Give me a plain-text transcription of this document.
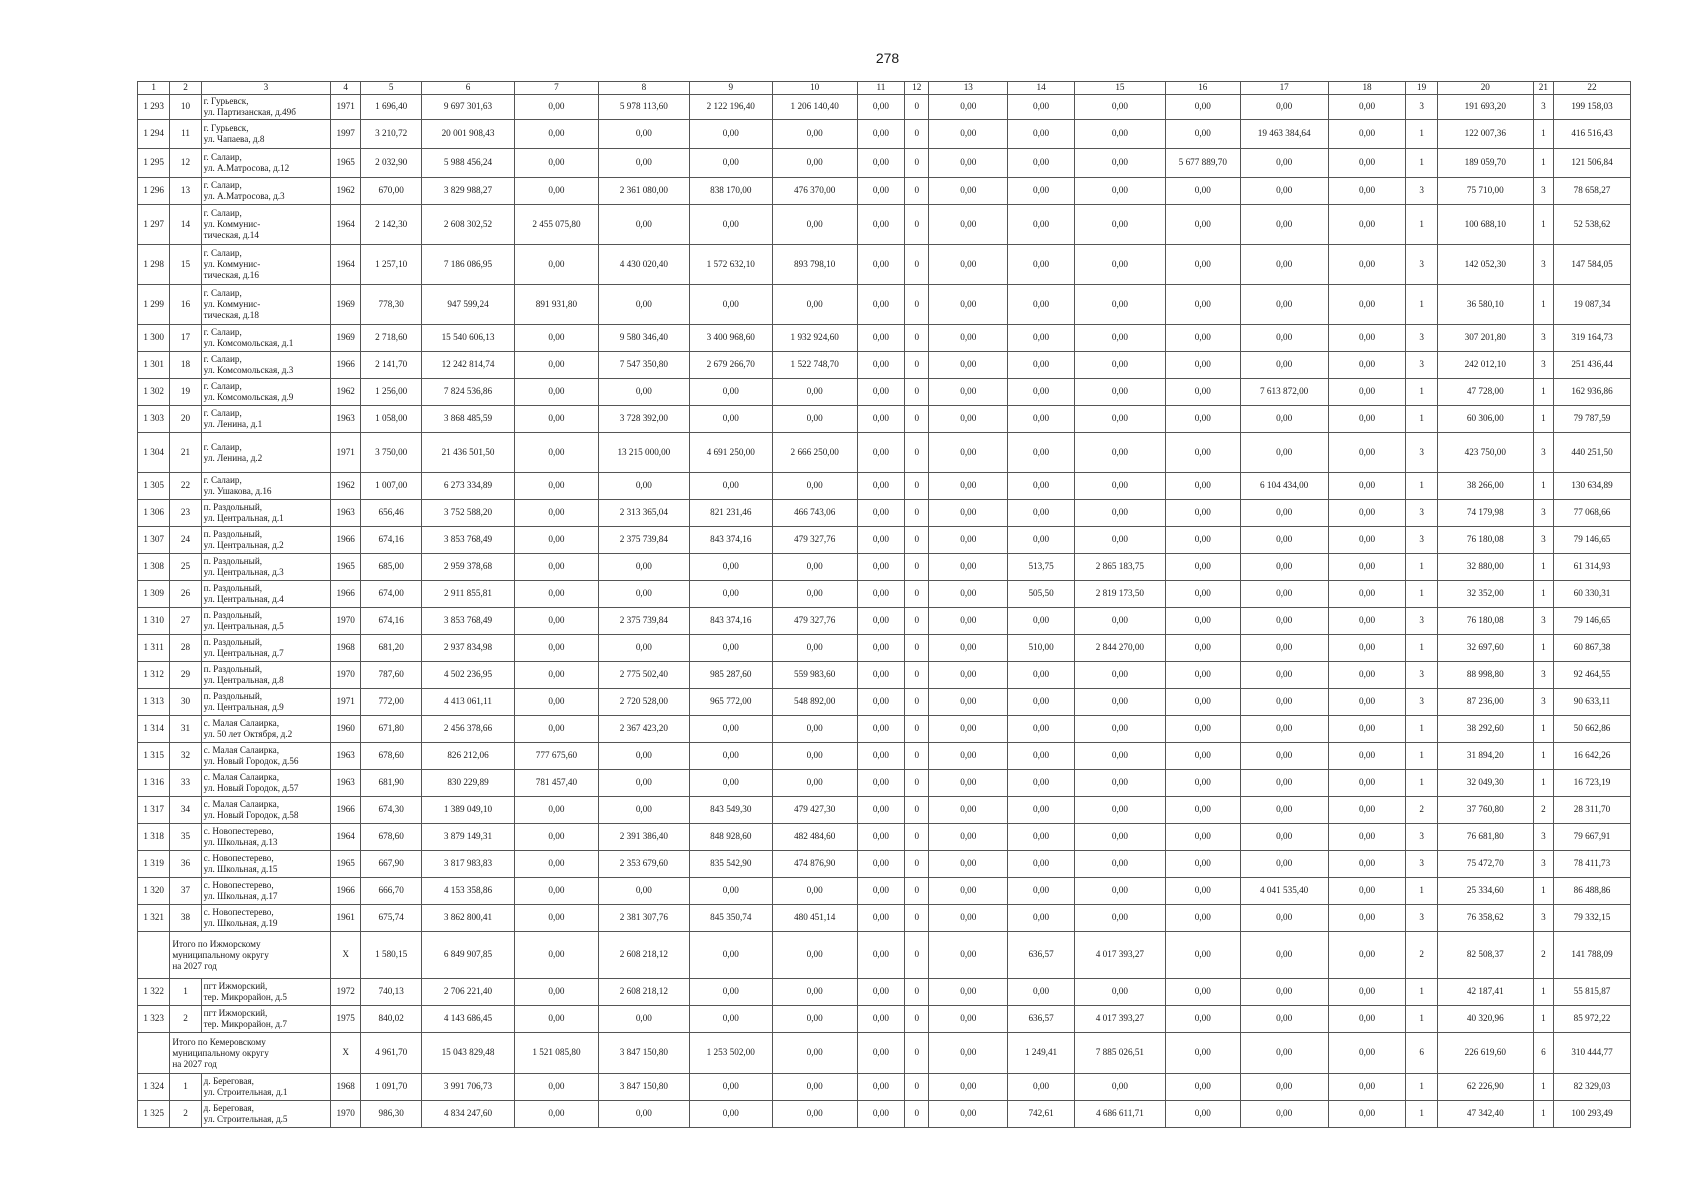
278
1	2	3	4	5	6	7	8	9	10	11	12	13	14	15	16	17	18	19	20	21	22
1 293	10	г. Гурьевск,
ул. Партизанская, д.49б	1971	1 696,40	9 697 301,63	0,00	5 978 113,60	2 122 196,40	1 206 140,40	0,00	0	0,00	0,00	0,00	0,00	0,00	0,00	3	191 693,20	3	199 158,03
1 294	11	г. Гурьевск,
ул. Чапаева, д.8	1997	3 210,72	20 001 908,43	0,00	0,00	0,00	0,00	0,00	0	0,00	0,00	0,00	0,00	19 463 384,64	0,00	1	122 007,36	1	416 516,43
1 295	12	г. Салаир,
ул. А.Матросова, д.12	1965	2 032,90	5 988 456,24	0,00	0,00	0,00	0,00	0,00	0	0,00	0,00	0,00	5 677 889,70	0,00	0,00	1	189 059,70	1	121 506,84
1 296	13	г. Салаир,
ул. А.Матросова, д.3	1962	670,00	3 829 988,27	0,00	2 361 080,00	838 170,00	476 370,00	0,00	0	0,00	0,00	0,00	0,00	0,00	0,00	3	75 710,00	3	78 658,27
1 297	14	г. Салаир,
ул. Коммунис-
тическая, д.14	1964	2 142,30	2 608 302,52	2 455 075,80	0,00	0,00	0,00	0,00	0	0,00	0,00	0,00	0,00	0,00	0,00	1	100 688,10	1	52 538,62
1 298	15	г. Салаир,
ул. Коммунис-
тическая, д.16	1964	1 257,10	7 186 086,95	0,00	4 430 020,40	1 572 632,10	893 798,10	0,00	0	0,00	0,00	0,00	0,00	0,00	0,00	3	142 052,30	3	147 584,05
1 299	16	г. Салаир,
ул. Коммунис-
тическая, д.18	1969	778,30	947 599,24	891 931,80	0,00	0,00	0,00	0,00	0	0,00	0,00	0,00	0,00	0,00	0,00	1	36 580,10	1	19 087,34
1 300	17	г. Салаир,
ул. Комсомольская, д.1	1969	2 718,60	15 540 606,13	0,00	9 580 346,40	3 400 968,60	1 932 924,60	0,00	0	0,00	0,00	0,00	0,00	0,00	0,00	3	307 201,80	3	319 164,73
1 301	18	г. Салаир,
ул. Комсомольская, д.3	1966	2 141,70	12 242 814,74	0,00	7 547 350,80	2 679 266,70	1 522 748,70	0,00	0	0,00	0,00	0,00	0,00	0,00	0,00	3	242 012,10	3	251 436,44
1 302	19	г. Салаир,
ул. Комсомольская, д.9	1962	1 256,00	7 824 536,86	0,00	0,00	0,00	0,00	0,00	0	0,00	0,00	0,00	0,00	7 613 872,00	0,00	1	47 728,00	1	162 936,86
1 303	20	г. Салаир,
ул. Ленина, д.1	1963	1 058,00	3 868 485,59	0,00	3 728 392,00	0,00	0,00	0,00	0	0,00	0,00	0,00	0,00	0,00	0,00	1	60 306,00	1	79 787,59
1 304	21	г. Салаир,
ул. Ленина, д.2	1971	3 750,00	21 436 501,50	0,00	13 215 000,00	4 691 250,00	2 666 250,00	0,00	0	0,00	0,00	0,00	0,00	0,00	0,00	3	423 750,00	3	440 251,50
1 305	22	г. Салаир,
ул. Ушакова, д.16	1962	1 007,00	6 273 334,89	0,00	0,00	0,00	0,00	0,00	0	0,00	0,00	0,00	0,00	6 104 434,00	0,00	1	38 266,00	1	130 634,89
1 306	23	п. Раздольный,
ул. Центральная, д.1	1963	656,46	3 752 588,20	0,00	2 313 365,04	821 231,46	466 743,06	0,00	0	0,00	0,00	0,00	0,00	0,00	0,00	3	74 179,98	3	77 068,66
1 307	24	п. Раздольный,
ул. Центральная, д.2	1966	674,16	3 853 768,49	0,00	2 375 739,84	843 374,16	479 327,76	0,00	0	0,00	0,00	0,00	0,00	0,00	0,00	3	76 180,08	3	79 146,65
1 308	25	п. Раздольный,
ул. Центральная, д.3	1965	685,00	2 959 378,68	0,00	0,00	0,00	0,00	0,00	0	0,00	513,75	2 865 183,75	0,00	0,00	0,00	1	32 880,00	1	61 314,93
1 309	26	п. Раздольный,
ул. Центральная, д.4	1966	674,00	2 911 855,81	0,00	0,00	0,00	0,00	0,00	0	0,00	505,50	2 819 173,50	0,00	0,00	0,00	1	32 352,00	1	60 330,31
1 310	27	п. Раздольный,
ул. Центральная, д.5	1970	674,16	3 853 768,49	0,00	2 375 739,84	843 374,16	479 327,76	0,00	0	0,00	0,00	0,00	0,00	0,00	0,00	3	76 180,08	3	79 146,65
1 311	28	п. Раздольный,
ул. Центральная, д.7	1968	681,20	2 937 834,98	0,00	0,00	0,00	0,00	0,00	0	0,00	510,00	2 844 270,00	0,00	0,00	0,00	1	32 697,60	1	60 867,38
1 312	29	п. Раздольный,
ул. Центральная, д.8	1970	787,60	4 502 236,95	0,00	2 775 502,40	985 287,60	559 983,60	0,00	0	0,00	0,00	0,00	0,00	0,00	0,00	3	88 998,80	3	92 464,55
1 313	30	п. Раздольный,
ул. Центральная, д.9	1971	772,00	4 413 061,11	0,00	2 720 528,00	965 772,00	548 892,00	0,00	0	0,00	0,00	0,00	0,00	0,00	0,00	3	87 236,00	3	90 633,11
1 314	31	с. Малая Салаирка,
ул. 50 лет Октября, д.2	1960	671,80	2 456 378,66	0,00	2 367 423,20	0,00	0,00	0,00	0	0,00	0,00	0,00	0,00	0,00	0,00	1	38 292,60	1	50 662,86
1 315	32	с. Малая Салаирка,
ул. Новый Городок, д.56	1963	678,60	826 212,06	777 675,60	0,00	0,00	0,00	0,00	0	0,00	0,00	0,00	0,00	0,00	0,00	1	31 894,20	1	16 642,26
1 316	33	с. Малая Салаирка,
ул. Новый Городок, д.57	1963	681,90	830 229,89	781 457,40	0,00	0,00	0,00	0,00	0	0,00	0,00	0,00	0,00	0,00	0,00	1	32 049,30	1	16 723,19
1 317	34	с. Малая Салаирка,
ул. Новый Городок, д.58	1966	674,30	1 389 049,10	0,00	0,00	843 549,30	479 427,30	0,00	0	0,00	0,00	0,00	0,00	0,00	0,00	2	37 760,80	2	28 311,70
1 318	35	с. Новопестерево,
ул. Школьная, д.13	1964	678,60	3 879 149,31	0,00	2 391 386,40	848 928,60	482 484,60	0,00	0	0,00	0,00	0,00	0,00	0,00	0,00	3	76 681,80	3	79 667,91
1 319	36	с. Новопестерево,
ул. Школьная, д.15	1965	667,90	3 817 983,83	0,00	2 353 679,60	835 542,90	474 876,90	0,00	0	0,00	0,00	0,00	0,00	0,00	0,00	3	75 472,70	3	78 411,73
1 320	37	с. Новопестерево,
ул. Школьная, д.17	1966	666,70	4 153 358,86	0,00	0,00	0,00	0,00	0,00	0	0,00	0,00	0,00	0,00	4 041 535,40	0,00	1	25 334,60	1	86 488,86
1 321	38	с. Новопестерево,
ул. Школьная, д.19	1961	675,74	3 862 800,41	0,00	2 381 307,76	845 350,74	480 451,14	0,00	0	0,00	0,00	0,00	0,00	0,00	0,00	3	76 358,62	3	79 332,15
	Итого по Ижморскому
муниципальному округу
на 2027 год		X	1 580,15	6 849 907,85	0,00	2 608 218,12	0,00	0,00	0,00	0	0,00	636,57	4 017 393,27	0,00	0,00	0,00	2	82 508,37	2	141 788,09
1 322	1	пгт Ижморский,
тер. Микрорайон, д.5	1972	740,13	2 706 221,40	0,00	2 608 218,12	0,00	0,00	0,00	0	0,00	0,00	0,00	0,00	0,00	0,00	1	42 187,41	1	55 815,87
1 323	2	пгт Ижморский,
тер. Микрорайон, д.7	1975	840,02	4 143 686,45	0,00	0,00	0,00	0,00	0,00	0	0,00	636,57	4 017 393,27	0,00	0,00	0,00	1	40 320,96	1	85 972,22
	Итого по Кемеровскому
муниципальному округу
на 2027 год		X	4 961,70	15 043 829,48	1 521 085,80	3 847 150,80	1 253 502,00	0,00	0,00	0	0,00	1 249,41	7 885 026,51	0,00	0,00	0,00	6	226 619,60	6	310 444,77
1 324	1	д. Береговая,
ул. Строительная, д.1	1968	1 091,70	3 991 706,73	0,00	3 847 150,80	0,00	0,00	0,00	0	0,00	0,00	0,00	0,00	0,00	0,00	1	62 226,90	1	82 329,03
1 325	2	д. Береговая,
ул. Строительная, д.5	1970	986,30	4 834 247,60	0,00	0,00	0,00	0,00	0,00	0	0,00	742,61	4 686 611,71	0,00	0,00	0,00	1	47 342,40	1	100 293,49
